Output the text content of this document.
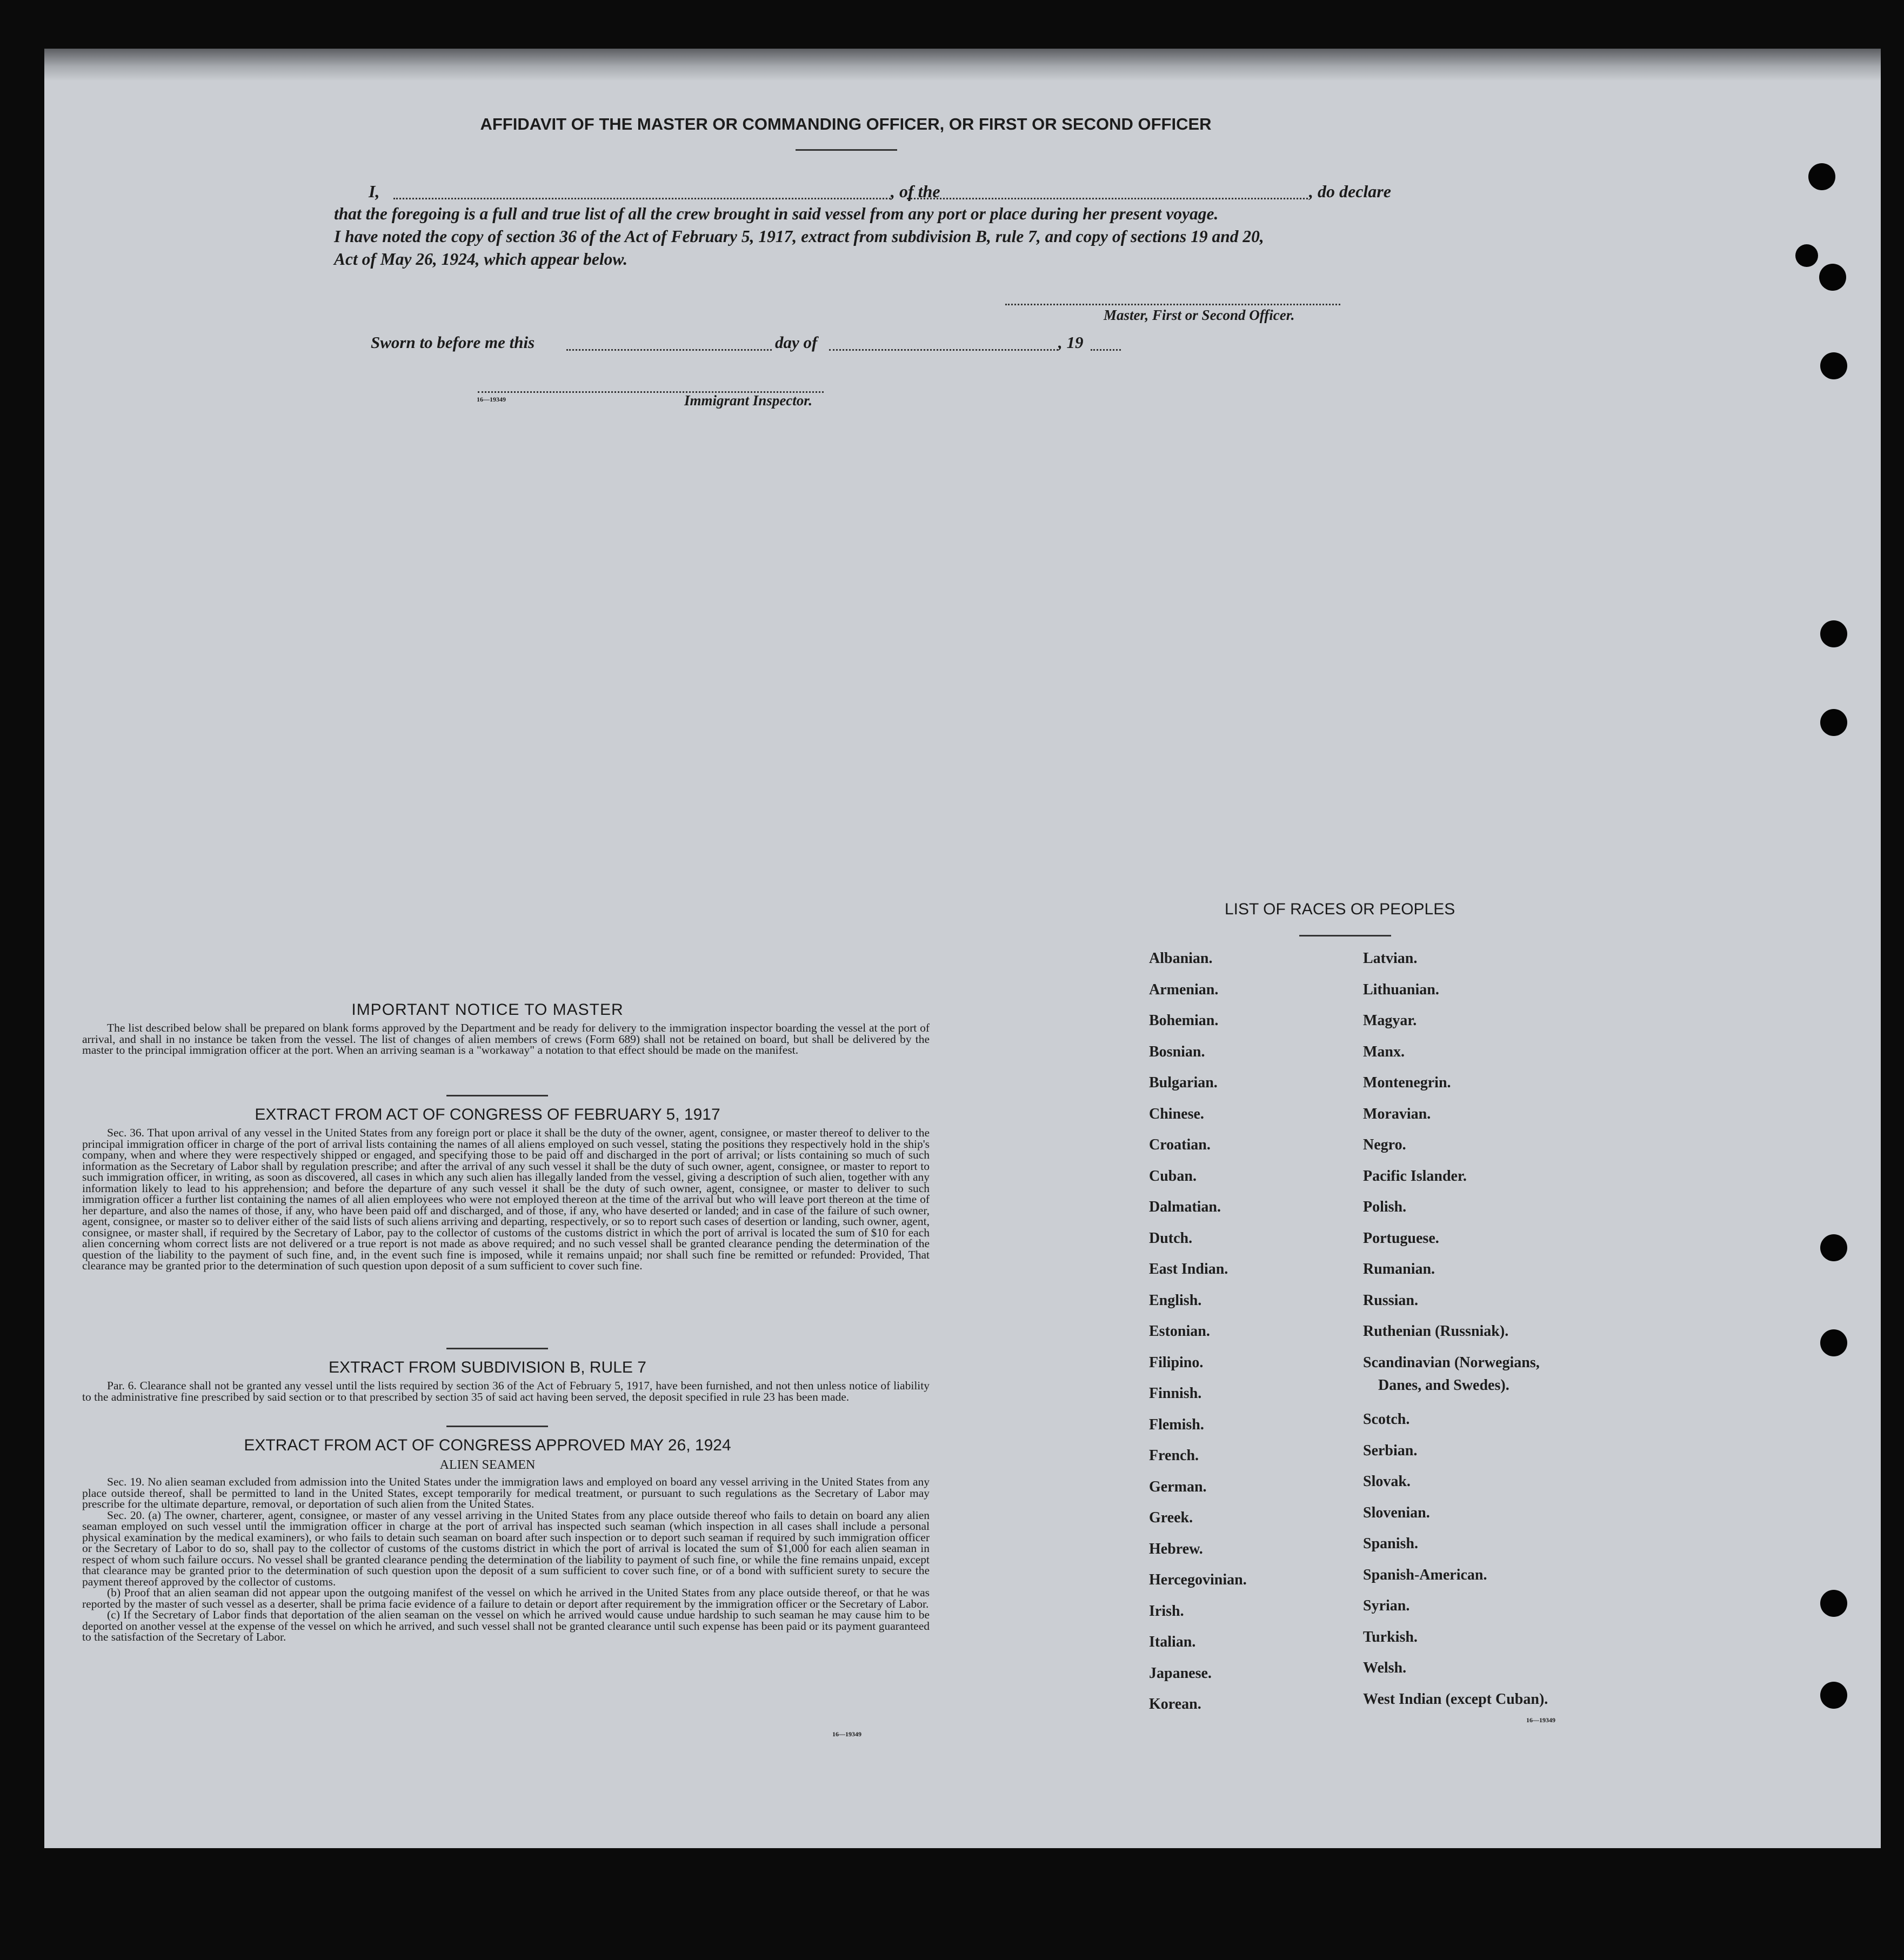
AFFIDAVIT OF THE MASTER OR COMMANDING OFFICER, OR FIRST OR SECOND OFFICER
I,	, of the	, do declare
that the foregoing is a full and true list of all the crew brought in said vessel from any port or place during her present voyage.
I have noted the copy of section 36 of the Act of February 5, 1917, extract from subdivision B, rule 7, and copy of sections 19 and 20,
Act of May 26, 1924, which appear below.
Master, First or Second Officer.
Sworn to before me this	day of	, 19
16—19349	Immigrant Inspector.
IMPORTANT NOTICE TO MASTER

The list described below shall be prepared on blank forms approved by the Department and be ready for delivery to the immigration inspector boarding the vessel at the port of arrival, and shall in no instance be taken from the vessel. The list of changes of alien members of crews (Form 689) shall not be retained on board, but shall be delivered by the master to the principal immigration officer at the port. When an arriving seaman is a "workaway" a notation to that effect should be made on the manifest.

EXTRACT FROM ACT OF CONGRESS OF FEBRUARY 5, 1917

Sec. 36. That upon arrival of any vessel in the United States from any foreign port or place it shall be the duty of the owner, agent, consignee, or master thereof to deliver to the principal immigration officer in charge of the port of arrival lists containing the names of all aliens employed on such vessel, stating the positions they respectively hold in the ship's company, when and where they were respectively shipped or engaged, and specifying those to be paid off and discharged in the port of arrival; or lists containing so much of such information as the Secretary of Labor shall by regulation prescribe; and after the arrival of any such vessel it shall be the duty of such owner, agent, consignee, or master to report to such immigration officer, in writing, as soon as discovered, all cases in which any such alien has illegally landed from the vessel, giving a description of such alien, together with any information likely to lead to his apprehension; and before the departure of any such vessel it shall be the duty of such owner, agent, consignee, or master to deliver to such immigration officer a further list containing the names of all alien employees who were not employed thereon at the time of the arrival but who will leave port thereon at the time of her departure, and also the names of those, if any, who have been paid off and discharged, and of those, if any, who have deserted or landed; and in case of the failure of such owner, agent, consignee, or master so to deliver either of the said lists of such aliens arriving and departing, respectively, or so to report such cases of desertion or landing, such owner, agent, consignee, or master shall, if required by the Secretary of Labor, pay to the collector of customs of the customs district in which the port of arrival is located the sum of $10 for each alien concerning whom correct lists are not delivered or a true report is not made as above required; and no such vessel shall be granted clearance pending the determination of the question of the liability to the payment of such fine, and, in the event such fine is imposed, while it remains unpaid; nor shall such fine be remitted or refunded: Provided, That clearance may be granted prior to the determination of such question upon deposit of a sum sufficient to cover such fine.

EXTRACT FROM SUBDIVISION B, RULE 7

Par. 6. Clearance shall not be granted any vessel until the lists required by section 36 of the Act of February 5, 1917, have been furnished, and not then unless notice of liability to the administrative fine prescribed by said section or to that prescribed by section 35 of said act having been served, the deposit specified in rule 23 has been made.

EXTRACT FROM ACT OF CONGRESS APPROVED MAY 26, 1924
ALIEN SEAMEN

Sec. 19. No alien seaman excluded from admission into the United States under the immigration laws and employed on board any vessel arriving in the United States from any place outside thereof, shall be permitted to land in the United States, except temporarily for medical treatment, or pursuant to such regulations as the Secretary of Labor may prescribe for the ultimate departure, removal, or deportation of such alien from the United States.

Sec. 20. (a) The owner, charterer, agent, consignee, or master of any vessel arriving in the United States from any place outside thereof who fails to detain on board any alien seaman employed on such vessel until the immigration officer in charge at the port of arrival has inspected such seaman (which inspection in all cases shall include a personal physical examination by the medical examiners), or who fails to detain such seaman on board after such inspection or to deport such seaman if required by such immigration officer or the Secretary of Labor to do so, shall pay to the collector of customs of the customs district in which the port of arrival is located the sum of $1,000 for each alien seaman in respect of whom such failure occurs. No vessel shall be granted clearance pending the determination of the liability to payment of such fine, or while the fine remains unpaid, except that clearance may be granted prior to the determination of such question upon the deposit of a sum sufficient to cover such fine, or of a bond with sufficient surety to secure the payment thereof approved by the collector of customs.

(b) Proof that an alien seaman did not appear upon the outgoing manifest of the vessel on which he arrived in the United States from any place outside thereof, or that he was reported by the master of such vessel as a deserter, shall be prima facie evidence of a failure to detain or deport after requirement by the immigration officer or the Secretary of Labor.

(c) If the Secretary of Labor finds that deportation of the alien seaman on the vessel on which he arrived would cause undue hardship to such seaman he may cause him to be deported on another vessel at the expense of the vessel on which he arrived, and such vessel shall not be granted clearance until such expense has been paid or its payment guaranteed to the satisfaction of the Secretary of Labor.

16—19349
LIST OF RACES OR PEOPLES
Danes, and Swedes).
16—19349
Albanian.
Armenian.
Bohemian.
Bosnian.
Bulgarian.
Chinese.
Croatian.
Cuban.
Dalmatian.
Dutch.
East Indian.
English.
Estonian.
Filipino.
Finnish.
Flemish.
French.
German.
Greek.
Hebrew.
Hercegovinian.
Irish.
Italian.
Japanese.
Korean.
Latvian.
Lithuanian.
Magyar.
Manx.
Montenegrin.
Moravian.
Negro.
Pacific Islander.
Polish.
Portuguese.
Rumanian.
Russian.
Ruthenian (Russniak).
Scandinavian (Norwegians,
Scotch.
Serbian.
Slovak.
Slovenian.
Spanish.
Spanish-American.
Syrian.
Turkish.
Welsh.
West Indian (except Cuban).
